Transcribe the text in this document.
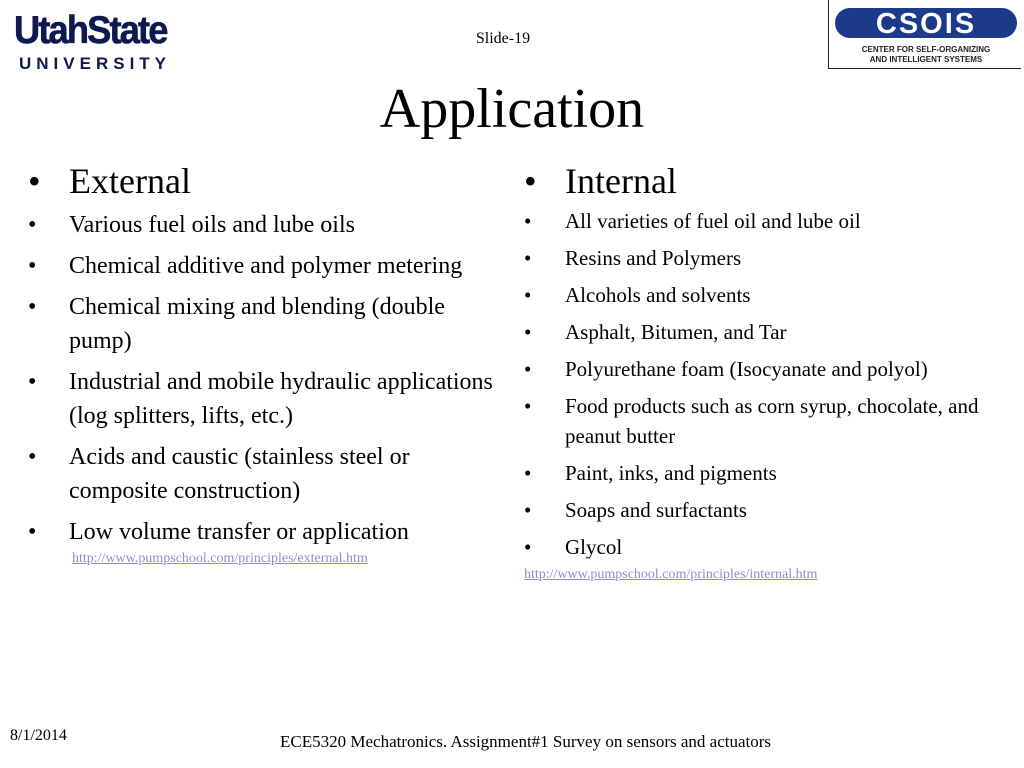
UtahState
UNIVERSITY
Slide-19	CSOIS
CENTER FOR SELF-ORGANIZING
AND INTELLIGENT SYSTEMS
Application
• External
• Various fuel oils and lube oils
• Chemical additive and polymer metering
• Chemical mixing and blending (double pump)
• Industrial and mobile hydraulic applications (log splitters, lifts, etc.)
• Acids and caustic (stainless steel or composite construction)
• Low volume transfer or application
http://www.pumpschool.com/principles/external.htm
• Internal
• All varieties of fuel oil and lube oil
• Resins and Polymers
• Alcohols and solvents
• Asphalt, Bitumen, and Tar
• Polyurethane foam (Isocyanate and polyol)
• Food products such as corn syrup, chocolate, and peanut butter
• Paint, inks, and pigments
• Soaps and surfactants
• Glycol
http://www.pumpschool.com/principles/internal.htm
8/1/2014	ECE5320 Mechatronics. Assignment#1 Survey on sensors and actuators
